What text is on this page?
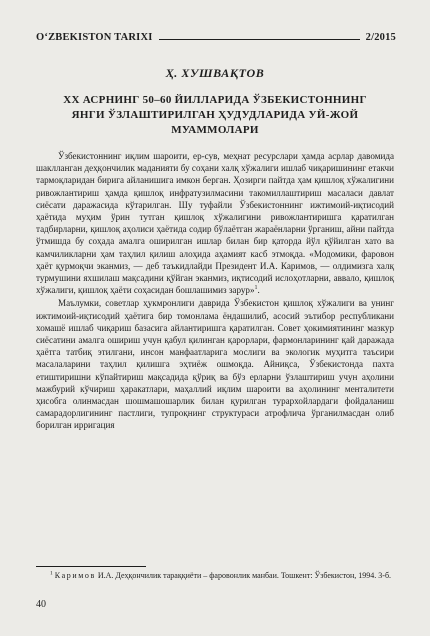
O‘ZBEKISTON TARIXI	2/2015
Ҳ. ХУШВАҚТОВ
XX АСРНИНГ 50–60 ЙИЛЛАРИДА ЎЗБЕКИСТОННИНГ ЯНГИ ЎЗЛАШТИРИЛГАН ҲУДУДЛАРИДА УЙ-ЖОЙ МУАММОЛАРИ

Ўзбекистоннинг иқлим шароити, ер-сув, меҳнат ресурслари ҳамда асрлар давомида шаклланган деҳқончилик маданияти бу соҳани халқ хўжалиги ишлаб чиқаришининг етакчи тармоқларидан бирига айланишига имкон берган. Ҳозирги пайтда ҳам қишлоқ хўжалигини ривожлантириш ҳамда қишлоқ инфратузилмасини такомиллаштириш масаласи давлат сиёсати даражасида кўтарилган. Шу туфайли Ўзбекистоннинг ижтимоий-иқтисодий ҳаётида муҳим ўрин тутган қишлоқ хўжалигини ривожлантиришга қаратилган тадбирларни, қишлоқ аҳолиси ҳаётида содир бўлаётган жараёнларни ўрганиш, айни пайтда ўтмишда бу соҳада амалга оширилган ишлар билан бир қаторда йўл қўйилган хато ва камчиликларни ҳам таҳлил қилиш алоҳида аҳамият касб этмоқда. «Модомики, фаровон ҳаёт қурмоқчи эканмиз, — деб таъкидлайди Президент И.А. Каримов, — олдимизга халқ турмушини яхшилаш мақсадини қўйган эканмиз, иқтисодий ислоҳотларни, аввало, қишлоқ хўжалиги, қишлоқ ҳаёти соҳасидан бошлашимиз зарур»$^1$.

Маълумки, советлар ҳукмронлиги даврида Ўзбекистон қишлоқ хўжалиги ва унинг ижтимоий-иқтисодий ҳаётига бир томонлама ёндашилиб, асосий эътибор республикани хомашё ишлаб чиқариш базасига айлантиришга қаратилган. Совет ҳокимиятининг мазкур сиёсатини амалга ошириш учун қабул қилинган қарорлари, фармонларининг қай даражада ҳаётга татбиқ этилгани, инсон манфаатларига мослиги ва экологик муҳитга таъсири масалаларини таҳлил қилишга эҳтиёж ошмоқда. Айниқса, Ўзбекистонда пахта етиштиришни кўпайтириш мақсадида қўриқ ва бўз ерларни ўзлаштириш учун аҳолини мажбурий кўчириш ҳаракатлари, маҳаллий иқлим шароити ва аҳолининг менталитети ҳисобга олинмасдан шошмашошарлик билан қурилган турархойлардаги фойдаланиш самарадорлигининг пастлиги, тупроқнинг структураси атрофлича ўрганилмасдан олиб борилган ирригация

$^1$ Каримов И.А. Деҳқончилик тараққиёти – фаровонлик манбаи. Тошкент: Ўзбекистон, 1994. 3-б.
40
